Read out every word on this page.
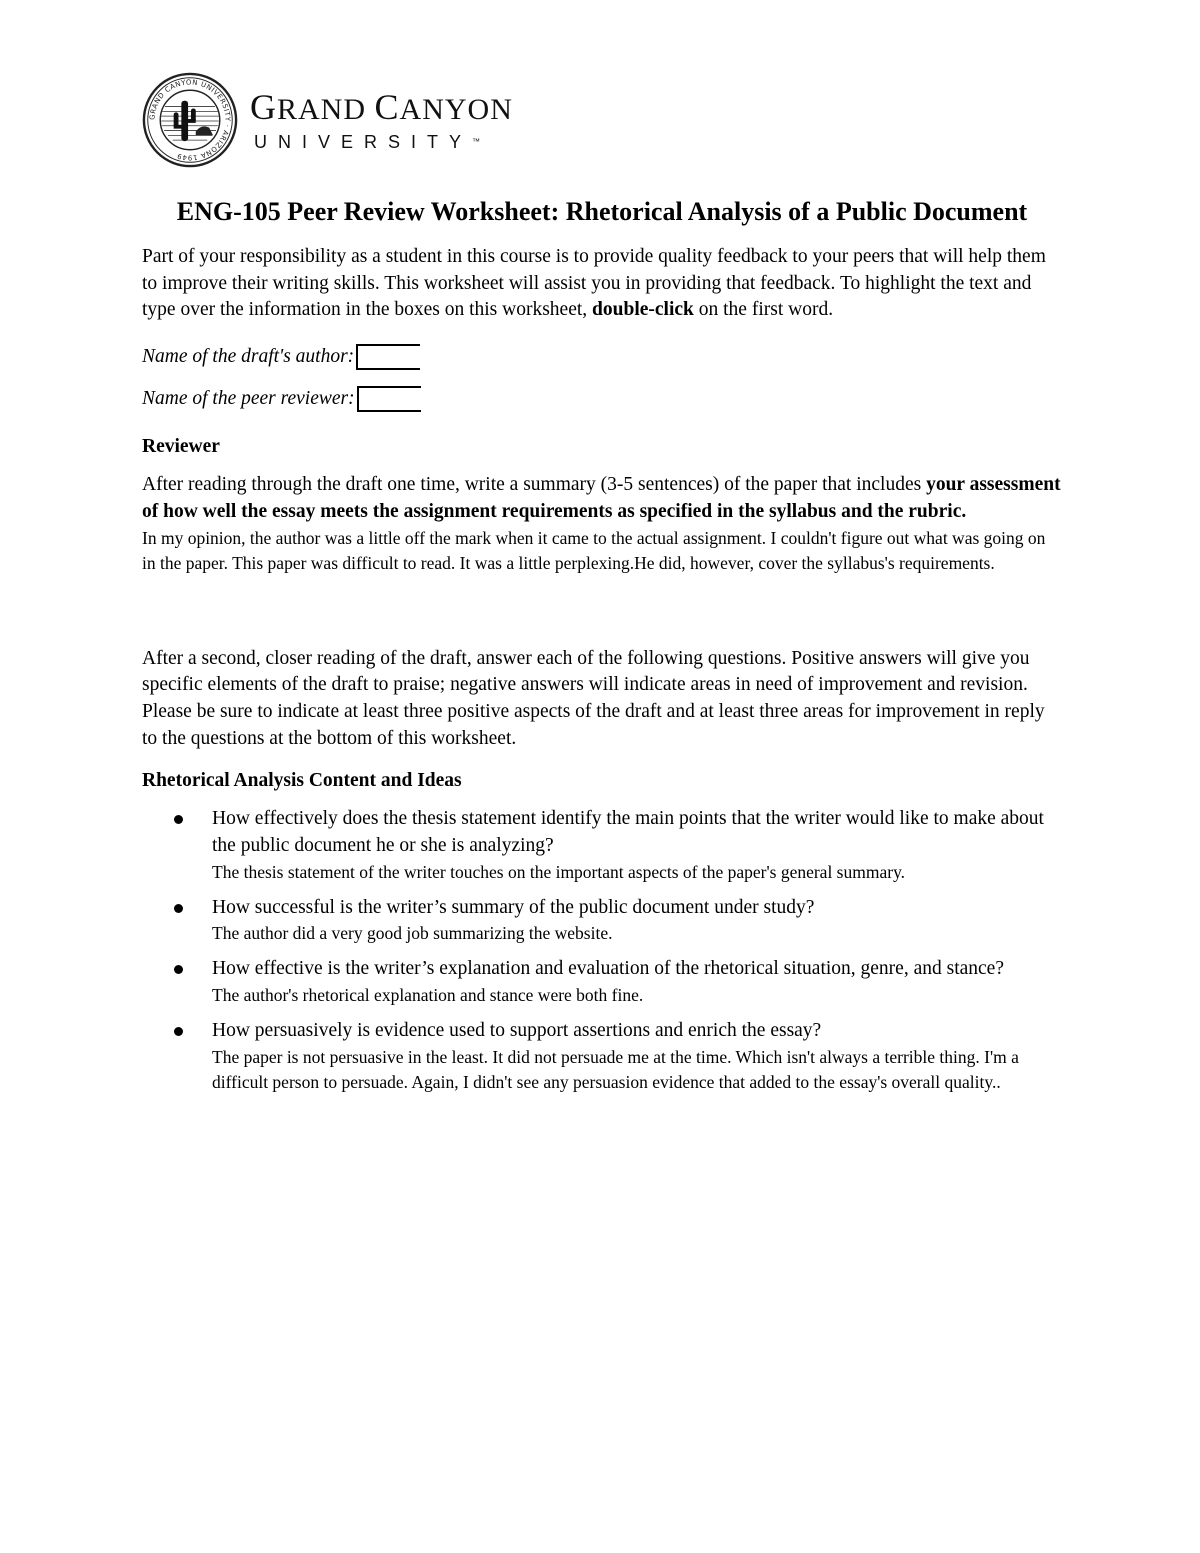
GRAND CANYON UNIVERSITY · ARIZONA 1949
GRAND CANYON
UNIVERSITY™
ENG-105 Peer Review Worksheet: Rhetorical Analysis of a Public Document

Part of your responsibility as a student in this course is to provide quality feedback to your peers that will help them to improve their writing skills. This worksheet will assist you in providing that feedback. To highlight the text and type over the information in the boxes on this worksheet, double-click on the first word.

Name of the draft's author:
Name of the peer reviewer:
Reviewer

After reading through the draft one time, write a summary (3-5 sentences) of the paper that includes your assessment of how well the essay meets the assignment requirements as specified in the syllabus and the rubric.

In my opinion, the author was a little off the mark when it came to the actual assignment. I couldn't figure out what was going on in the paper. This paper was difficult to read. It was a little perplexing.He did, however, cover the syllabus's requirements.

After a second, closer reading of the draft, answer each of the following questions. Positive answers will give you specific elements of the draft to praise; negative answers will indicate areas in need of improvement and revision. Please be sure to indicate at least three positive aspects of the draft and at least three areas for improvement in reply to the questions at the bottom of this worksheet.

Rhetorical Analysis Content and Ideas

How effectively does the thesis statement identify the main points that the writer would like to make about the public document he or she is analyzing?

The thesis statement of the writer touches on the important aspects of the paper's general summary.

How successful is the writer’s summary of the public document under study?

The author did a very good job summarizing the website.

How effective is the writer’s explanation and evaluation of the rhetorical situation, genre, and stance?

The author's rhetorical explanation and stance were both fine.

How persuasively is evidence used to support assertions and enrich the essay?

The paper is not persuasive in the least. It did not persuade me at the time. Which isn't always a terrible thing. I'm a difficult person to persuade. Again, I didn't see any persuasion evidence that added to the essay's overall quality..
